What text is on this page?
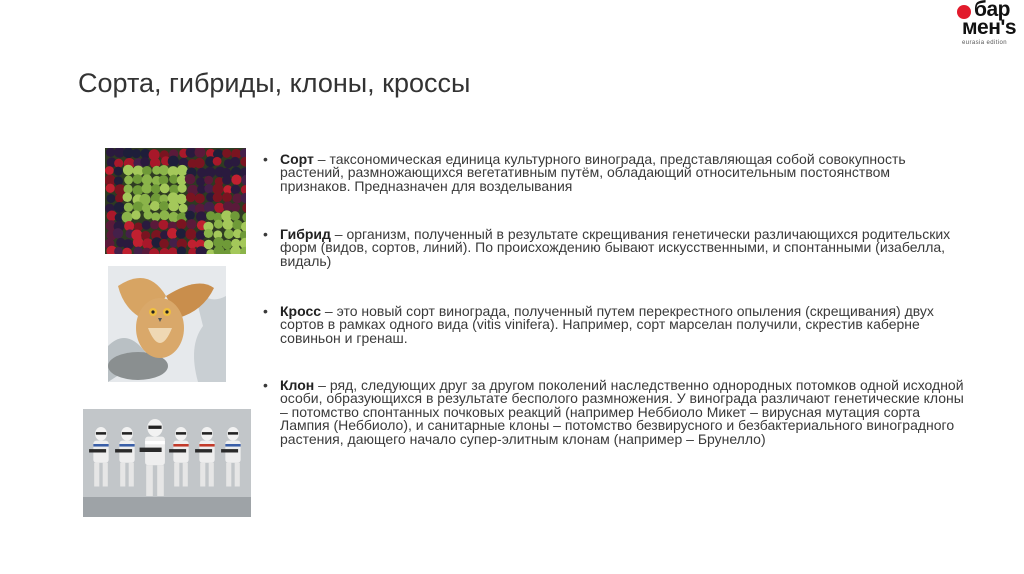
бар
мен's
eurasia edition
Сорта, гибриды, клоны, кроссы
• Сорт – таксономическая единица культурного винограда, представляющая собой совокупность растений, размножающихся вегетативным путём, обладающий относительным постоянством признаков. Предназначен для возделывания
• Гибрид – организм, полученный в результате скрещивания генетически различающихся родительских форм (видов, сортов, линий). По происхождению бывают искусственными, и спонтанными (изабелла, видаль)
• Кросс – это новый сорт винограда, полученный путем перекрестного опыления (скрещивания) двух сортов в рамках одного вида (vitis vinifera). Например, сорт марселан получили, скрестив каберне совиньон и гренаш.
• Клон – ряд, следующих друг за другом поколений наследственно однородных потомков одной исходной особи, образующихся в результате бесполого размножения. У винограда различают генетические клоны – потомство спонтанных почковых реакций (например Неббиоло Микет – вирусная мутация сорта Лампия (Неббиоло), и санитарные клоны – потомство безвирусного и безбактериального виноградного растения, дающего начало супер-элитным клонам (например – Брунелло)
